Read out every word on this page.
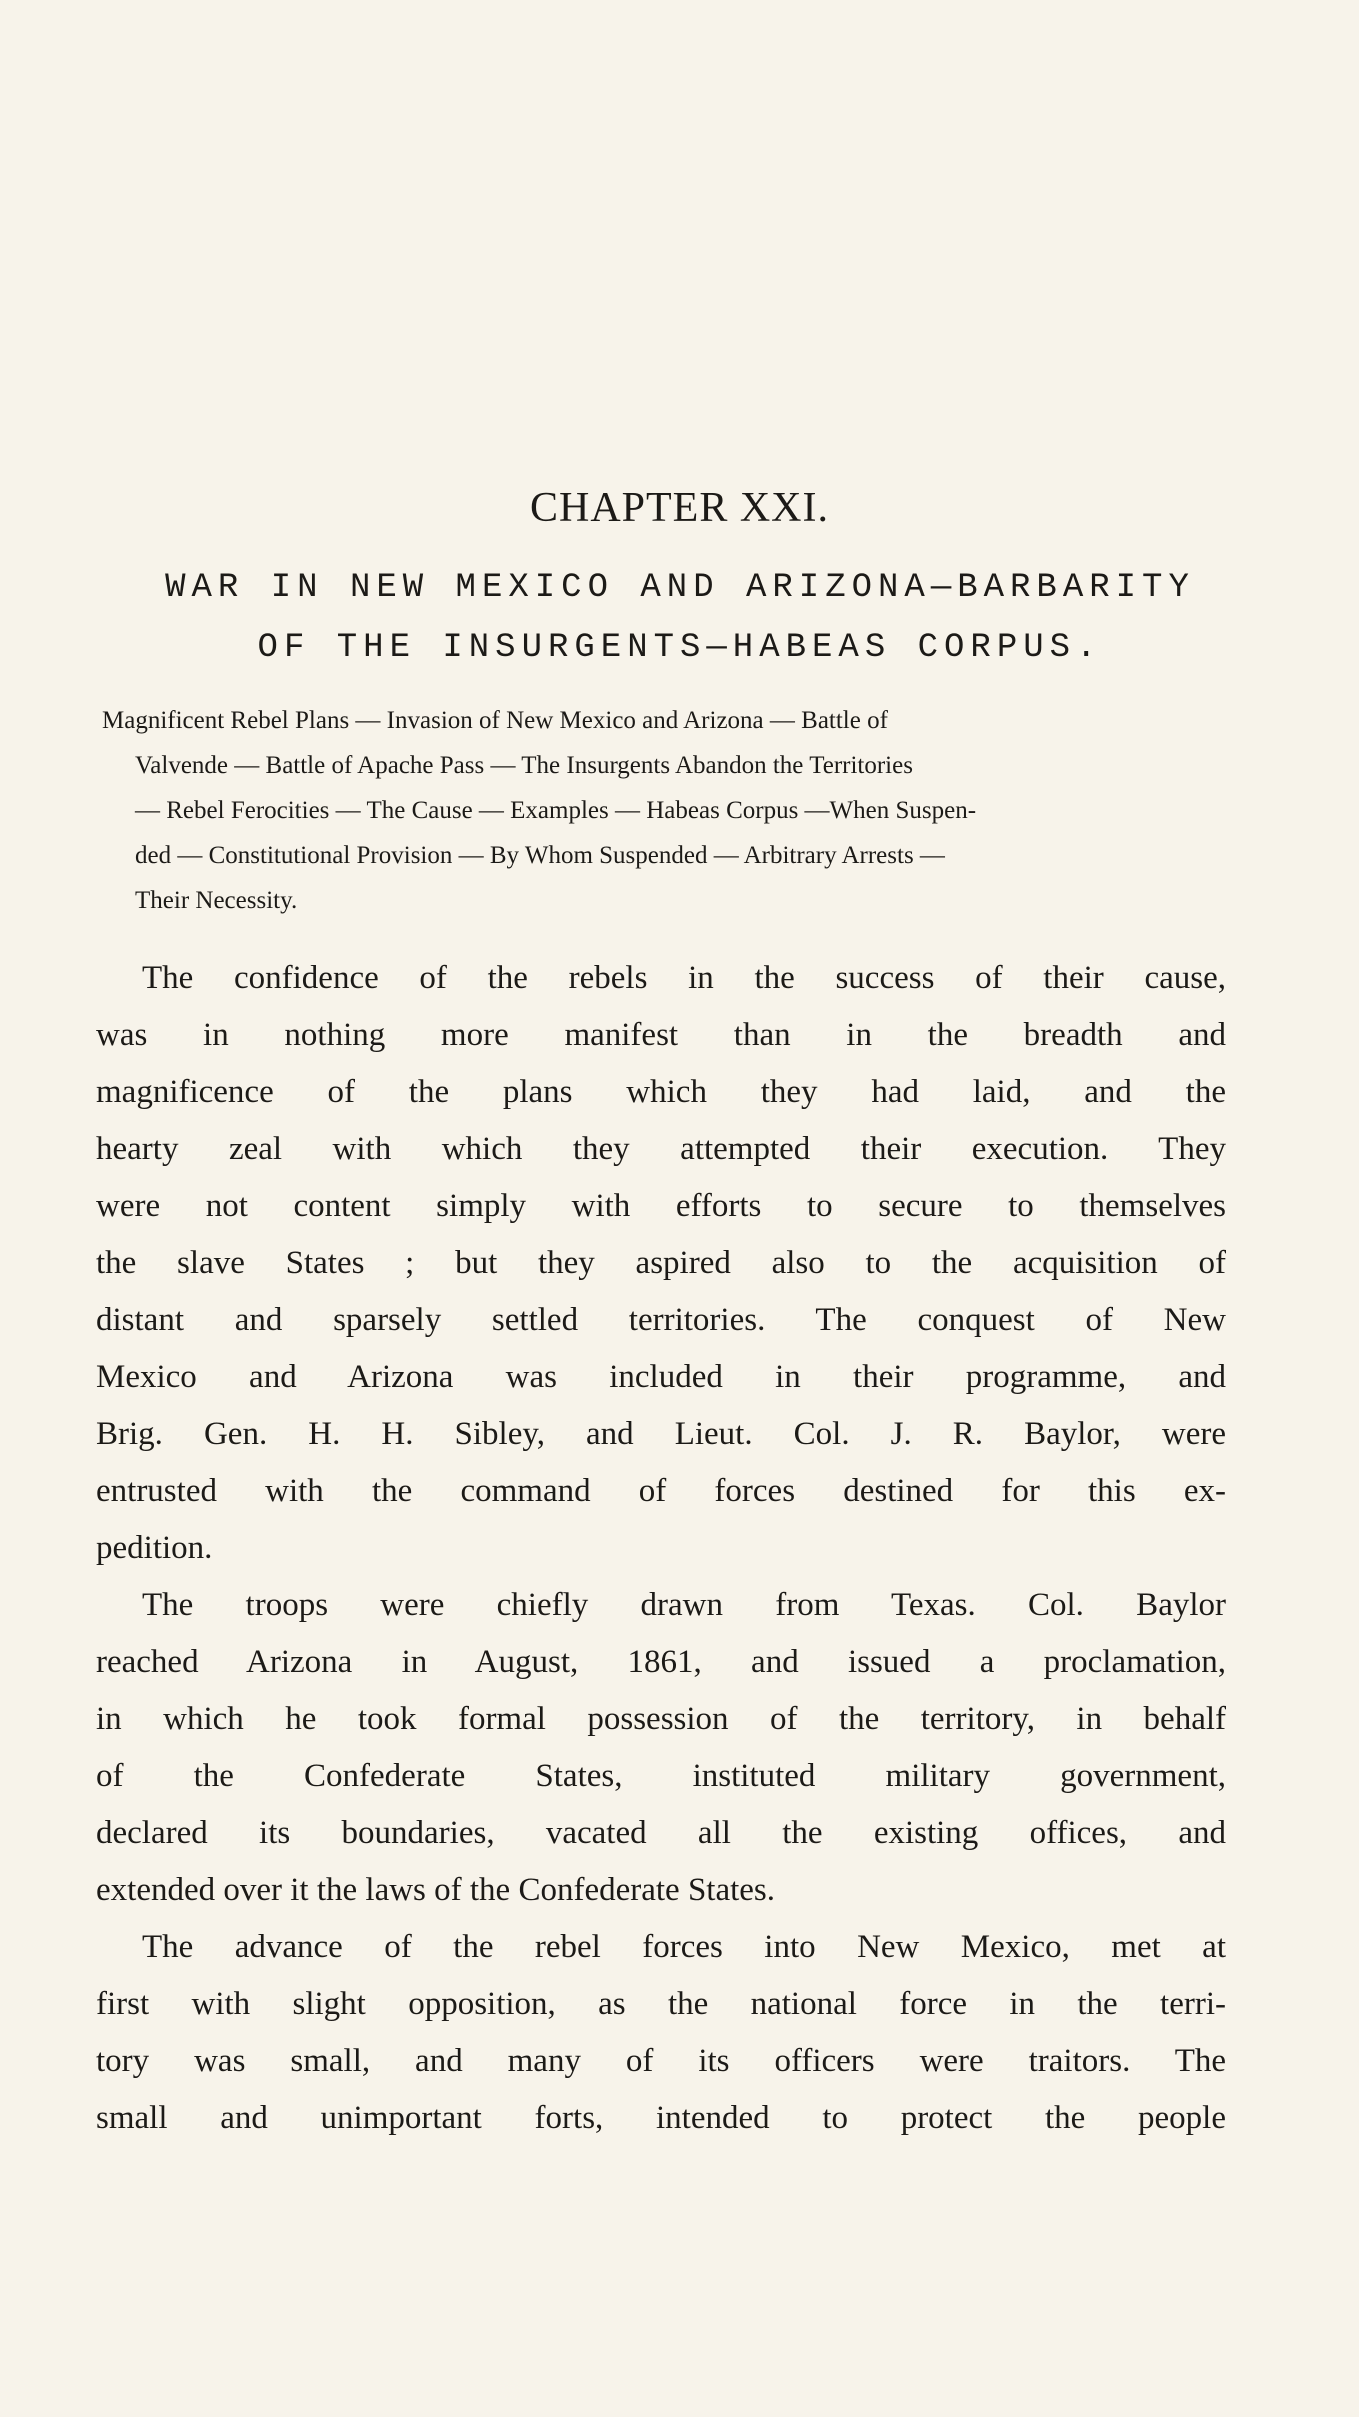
CHAPTER XXI.
WAR IN NEW MEXICO AND ARIZONA—BARBARITY
OF THE INSURGENTS—HABEAS CORPUS.
Magnificent Rebel Plans — Invasion of New Mexico and Arizona — Battle of
Valvende — Battle of Apache Pass — The Insurgents Abandon the Territories
— Rebel Ferocities — The Cause — Examples — Habeas Corpus —When Suspen-
ded — Constitutional Provision — By Whom Suspended — Arbitrary Arrests —
Their Necessity.

The confidence of the rebels in the success of their cause,
was in nothing more manifest than in the breadth and
magnificence of the plans which they had laid, and the
hearty zeal with which they attempted their execution. They
were not content simply with efforts to secure to themselves
the slave States ; but they aspired also to the acquisition of
distant and sparsely settled territories. The conquest of New
Mexico and Arizona was included in their programme, and
Brig. Gen. H. H. Sibley, and Lieut. Col. J. R. Baylor, were
entrusted with the command of forces destined for this ex-
pedition.

The troops were chiefly drawn from Texas. Col. Baylor
reached Arizona in August, 1861, and issued a proclamation,
in which he took formal possession of the territory, in behalf
of the Confederate States, instituted military government,
declared its boundaries, vacated all the existing offices, and
extended over it the laws of the Confederate States.

The advance of the rebel forces into New Mexico, met at
first with slight opposition, as the national force in the terri-
tory was small, and many of its officers were traitors. The
small and unimportant forts, intended to protect the people
